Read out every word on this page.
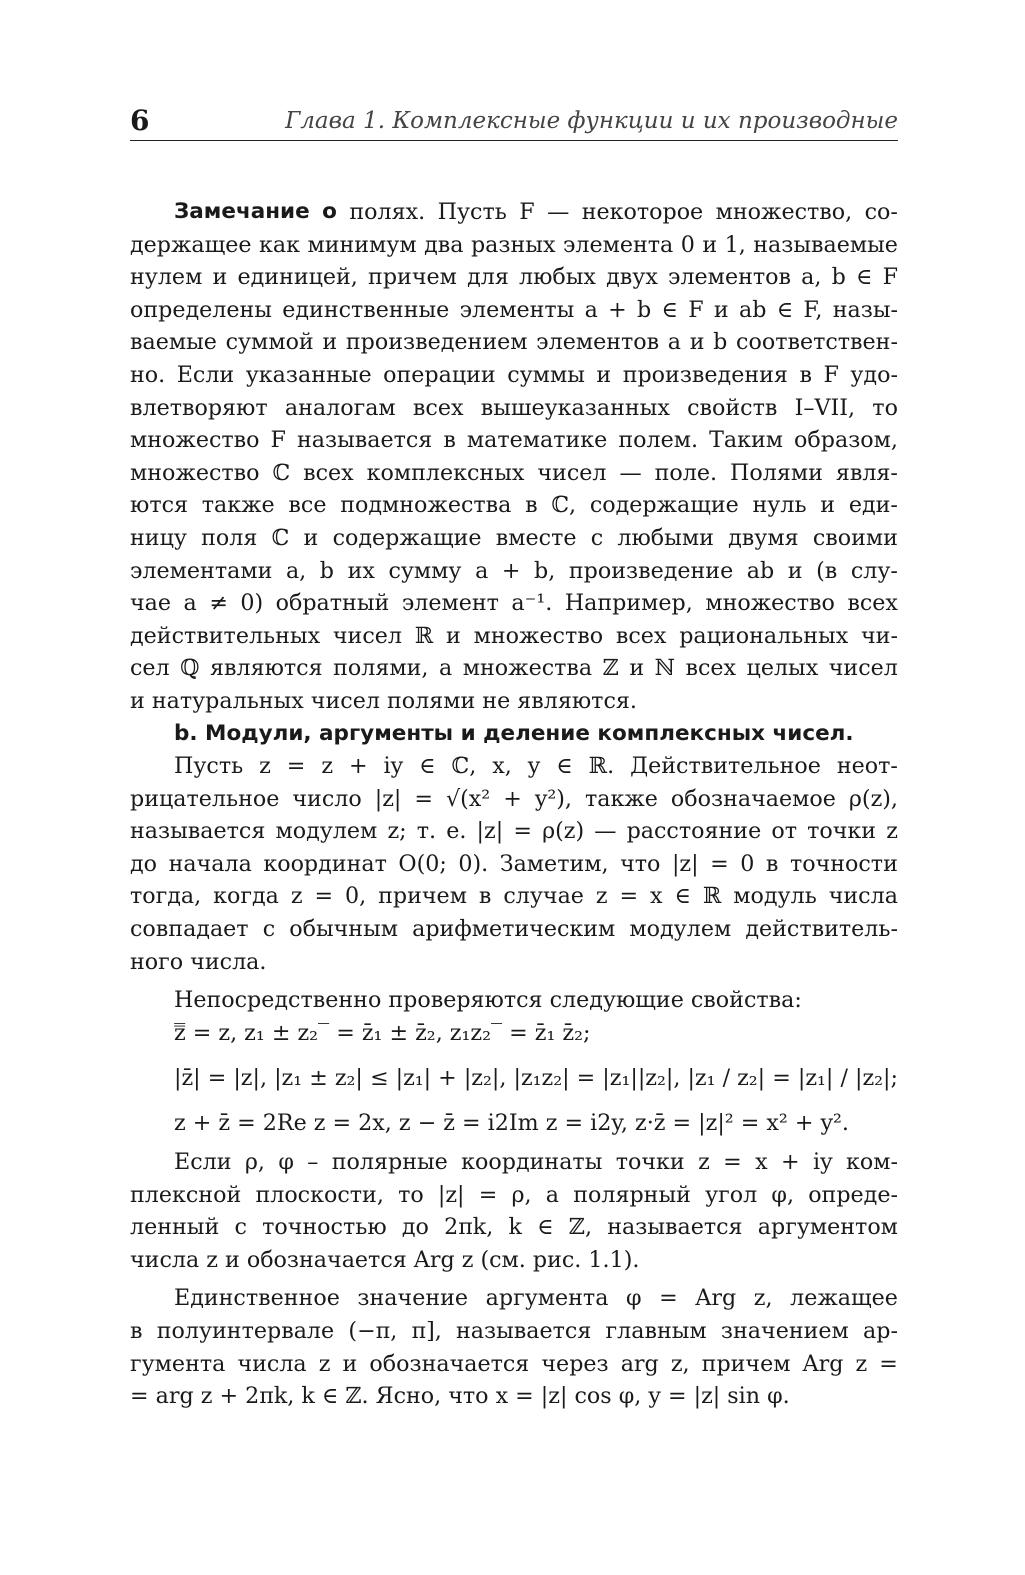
6	Глава 1. Комплексные функции и их производные
Замечание о полях. Пусть F — некоторое множество, со-
держащее как минимум два разных элемента 0 и 1, называемые
нулем и единицей, причем для любых двух элементов a, b ∈ F
определены единственные элементы a + b ∈ F и ab ∈ F, назы-
ваемые суммой и произведением элементов a и b соответствен-
но. Если указанные операции суммы и произведения в F удо-
влетворяют аналогам всех вышеуказанных свойств I–VII, то
множество F называется в математике полем. Таким образом,
множество ℂ всех комплексных чисел — поле. Полями явля-
ются также все подмножества в ℂ, содержащие нуль и еди-
ницу поля ℂ и содержащие вместе с любыми двумя своими
элементами a, b их сумму a + b, произведение ab и (в слу-
чае a ≠ 0) обратный элемент a⁻¹. Например, множество всех
действительных чисел ℝ и множество всех рациональных чи-
сел ℚ являются полями, а множества ℤ и ℕ всех целых чисел
и натуральных чисел полями не являются.
b. Модули, аргументы и деление комплексных чисел.
Пусть z = z + iy ∈ ℂ, x, y ∈ ℝ. Действительное неот-
рицательное число |z| = √(x² + y²), также обозначаемое ρ(z),
называется модулем z; т. е. |z| = ρ(z) — расстояние от точки z
до начала координат O(0; 0). Заметим, что |z| = 0 в точности
тогда, когда z = 0, причем в случае z = x ∈ ℝ модуль числа
совпадает с обычным арифметическим модулем действитель-
ного числа.
Непосредственно проверяются следующие свойства:
z̿ = z, z₁ ± z₂‾ = z̄₁ ± z̄₂, z₁z₂‾ = z̄₁ z̄₂;
|z̄| = |z|, |z₁ ± z₂| ≤ |z₁| + |z₂|, |z₁z₂| = |z₁||z₂|, |z₁ / z₂| = |z₁| / |z₂|;
z + z̄ = 2Re z = 2x, z − z̄ = i2Im z = i2y, z·z̄ = |z|² = x² + y².
Если ρ, φ – полярные координаты точки z = x + iy ком-
плексной плоскости, то |z| = ρ, а полярный угол φ, опреде-
ленный с точностью до 2πk, k ∈ ℤ, называется аргументом
числа z и обозначается Arg z (см. рис. 1.1).
Единственное значение аргумента φ = Arg z, лежащее
в полуинтервале (−π, π], называется главным значением ар-
гумента числа z и обозначается через arg z, причем Arg z =
= arg z + 2πk, k ∈ ℤ. Ясно, что x = |z| cos φ, y = |z| sin φ.
